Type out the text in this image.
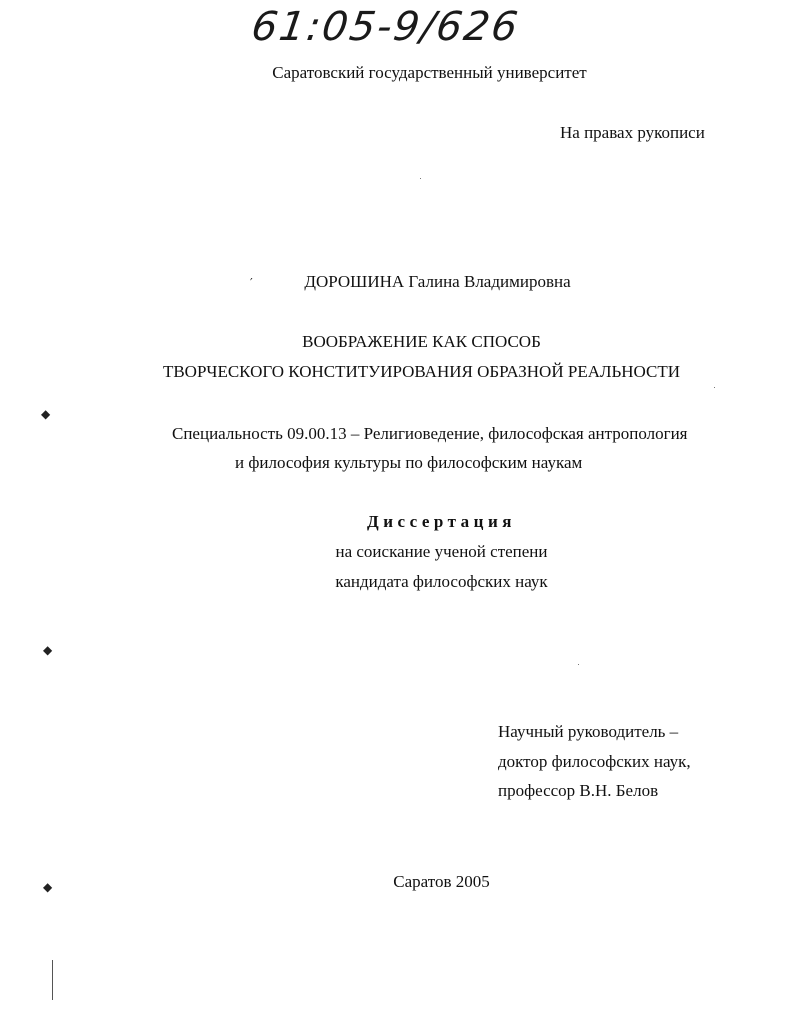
61:05-9/626
Саратовский государственный университет
На правах рукописи
ДОРОШИНА Галина Владимировна
ВООБРАЖЕНИЕ КАК СПОСОБ
ТВОРЧЕСКОГО КОНСТИТУИРОВАНИЯ ОБРАЗНОЙ РЕАЛЬНОСТИ
Специальность 09.00.13 – Религиоведение, философская антропология
и философия культуры по философским наукам
Диссертация
на соискание ученой степени
кандидата философских наук
Научный руководитель –
доктор философских наук,
профессор В.Н. Белов
Саратов 2005
′
◆
◆
◆
